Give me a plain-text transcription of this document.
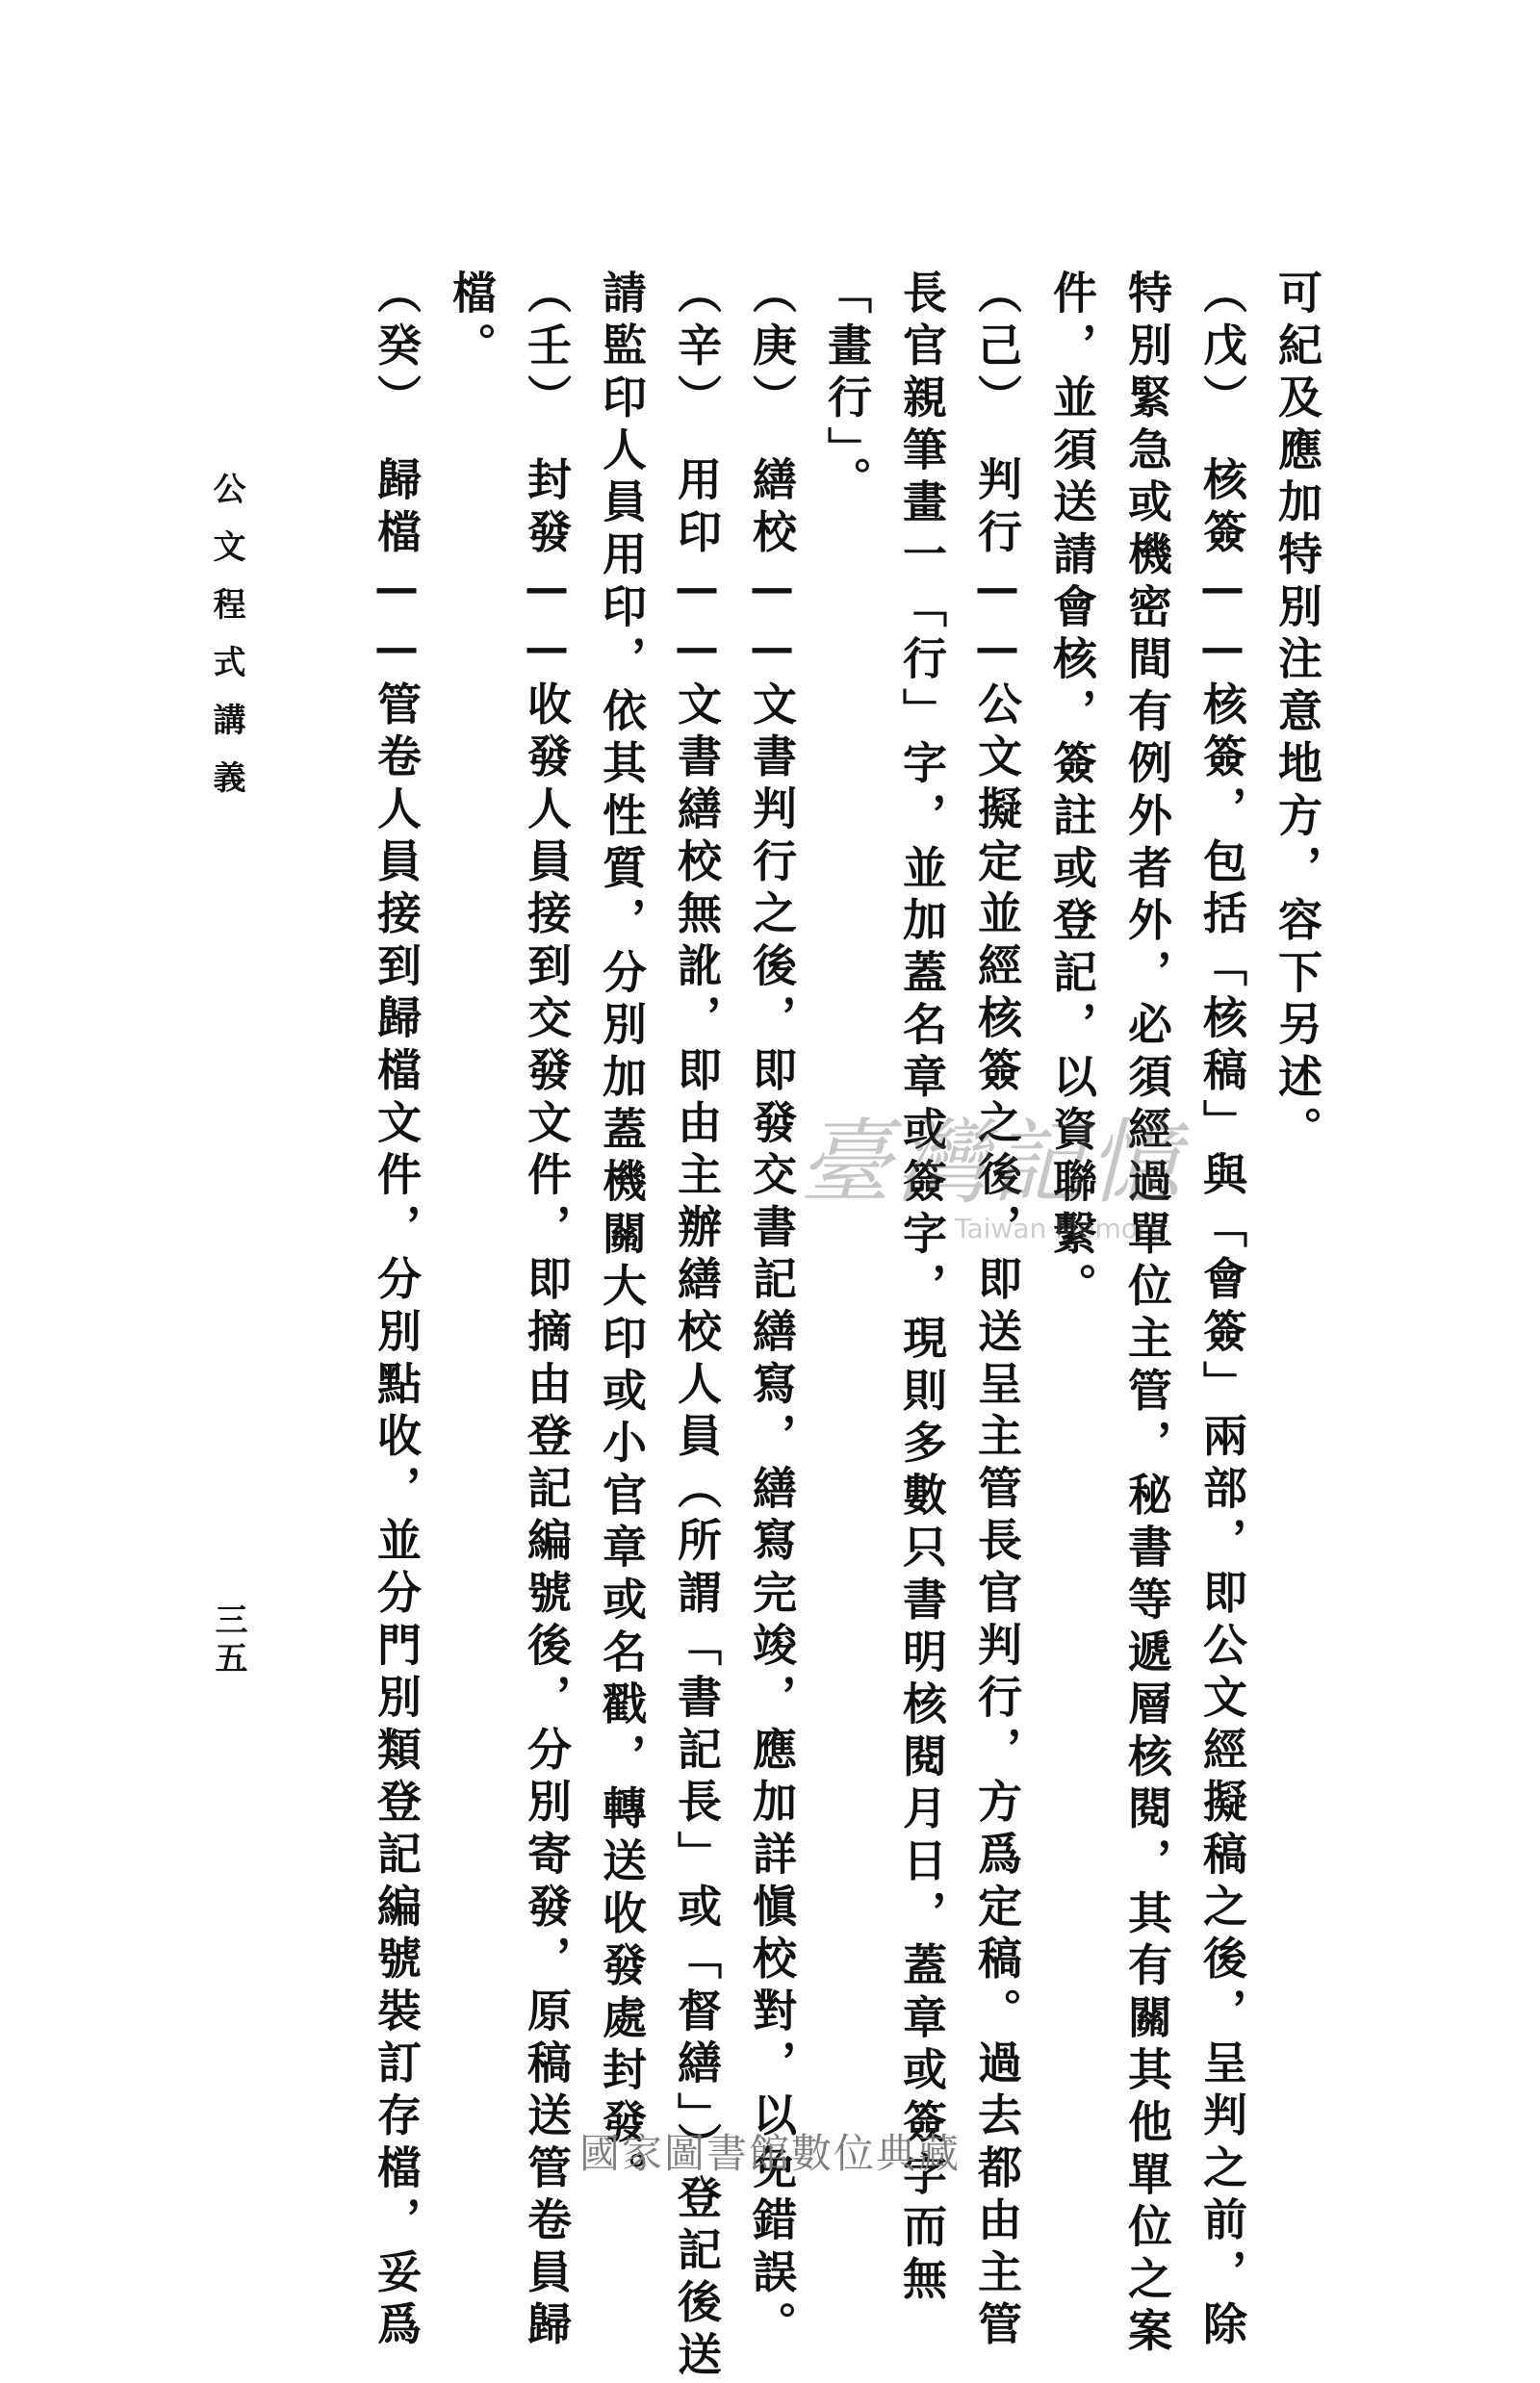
可紀及應加特別注意地方，容下另述。
（戊）　核簽——核簽，包括「核稿」與「會簽」兩部，即公文經擬稿之後，呈判之前，除
特別緊急或機密間有例外者外，必須經過單位主管，秘書等遞層核閱，其有關其他單位之案
件，並須送請會核，簽註或登記，以資聯繫。
（己）　判行——公文擬定並經核簽之後，即送呈主管長官判行，方爲定稿。過去都由主管
長官親筆畫一「行」字，並加蓋名章或簽字，現則多數只書明核閱月日，蓋章或簽字而無
「畫行」。
（庚）　繕校——文書判行之後，即發交書記繕寫，繕寫完竣，應加詳愼校對，以免錯誤。
（辛）　用印——文書繕校無訛，即由主辦繕校人員（所謂「書記長」或「督繕」）登記後送
請監印人員用印，依其性質，分別加蓋機關大印或小官章或名戳，轉送收發處封發。
（壬）　封發——收發人員接到交發文件，即摘由登記編號後，分別寄發，原稿送管卷員歸
檔。
（癸）　歸檔——管卷人員接到歸檔文件，分別點收，並分門別類登記編號裝訂存檔，妥爲
公文程式講義
三五
臺灣記憶
Taiwan Memory
國家圖書館數位典藏
